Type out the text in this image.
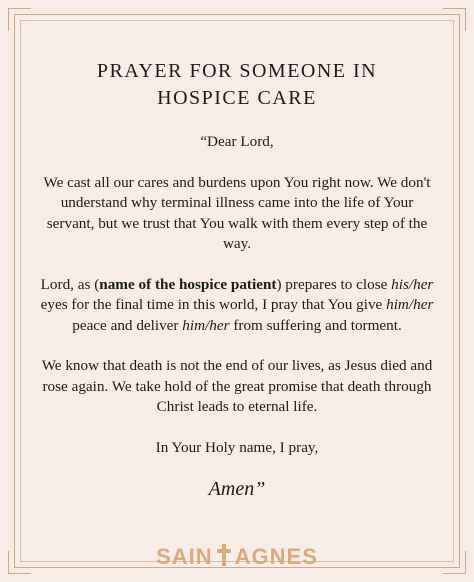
PRAYER FOR SOMEONE IN HOSPICE CARE

“Dear Lord,

We cast all our cares and burdens upon You right now. We don't understand why terminal illness came into the life of Your servant, but we trust that You walk with them every step of the way.

Lord, as (name of the hospice patient) prepares to close his/her eyes for the final time in this world, I pray that You give him/her peace and deliver him/her from suffering and torment.

We know that death is not the end of our lives, as Jesus died and rose again. We take hold of the great promise that death through Christ leads to eternal life.

In Your Holy name, I pray,

Amen”
SAIN AGNES
